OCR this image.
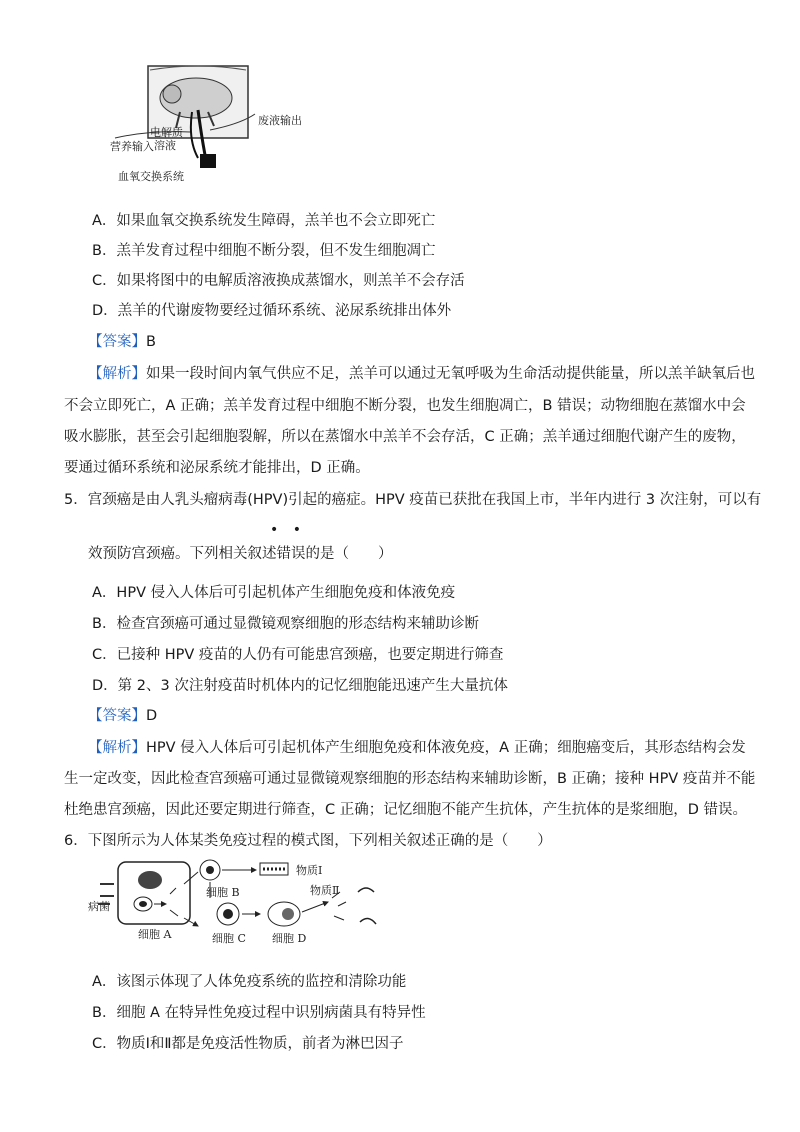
废液输出
电解质
溶液
营养输入
血氧交换系统
A．如果血氧交换系统发生障碍，羔羊也不会立即死亡
B．羔羊发育过程中细胞不断分裂，但不发生细胞凋亡
C．如果将图中的电解质溶液换成蒸馏水，则羔羊不会存活
D．羔羊的代谢废物要经过循环系统、泌尿系统排出体外
【答案】B
【解析】如果一段时间内氧气供应不足，羔羊可以通过无氧呼吸为生命活动提供能量，所以羔羊缺氧后也
不会立即死亡，A 正确；羔羊发育过程中细胞不断分裂，也发生细胞凋亡，B 错误；动物细胞在蒸馏水中会
吸水膨胀，甚至会引起细胞裂解，所以在蒸馏水中羔羊不会存活，C 正确；羔羊通过细胞代谢产生的废物，
要通过循环系统和泌尿系统才能排出，D 正确。
5．宫颈癌是由人乳头瘤病毒(HPV)引起的癌症。HPV 疫苗已获批在我国上市，半年内进行 3 次注射，可以有
• •
效预防宫颈癌。下列相关叙述错误的是（　　）
A．HPV 侵入人体后可引起机体产生细胞免疫和体液免疫
B．检查宫颈癌可通过显微镜观察细胞的形态结构来辅助诊断
C．已接种 HPV 疫苗的人仍有可能患宫颈癌，也要定期进行筛查
D．第 2、3 次注射疫苗时机体内的记忆细胞能迅速产生大量抗体
【答案】D
【解析】HPV 侵入人体后可引起机体产生细胞免疫和体液免疫，A 正确；细胞癌变后，其形态结构会发
生一定改变，因此检查宫颈癌可通过显微镜观察细胞的形态结构来辅助诊断，B 正确；接种 HPV 疫苗并不能
杜绝患宫颈癌，因此还要定期进行筛查，C 正确；记忆细胞不能产生抗体，产生抗体的是浆细胞，D 错误。
6．下图所示为人体某类免疫过程的模式图，下列相关叙述正确的是（　　）
病菌
细胞 A
细胞 B
细胞 C 细胞 D
物质Ⅰ
物质Ⅱ
A．该图示体现了人体免疫系统的监控和清除功能
B．细胞 A 在特异性免疫过程中识别病菌具有特异性
C．物质Ⅰ和Ⅱ都是免疫活性物质，前者为淋巴因子
